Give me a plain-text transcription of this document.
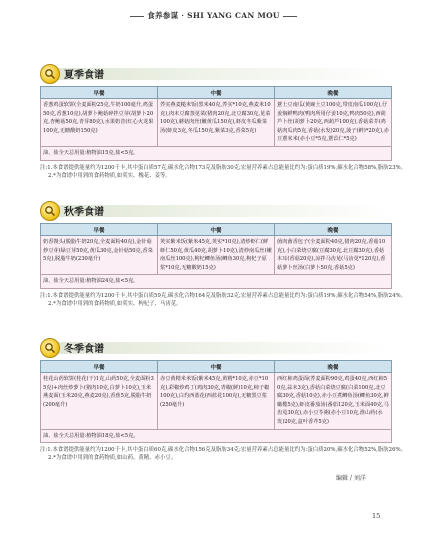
食养参谋 · SHI YANG CAN MOU
夏季食谱
早餐	中餐	晚餐
香葱鸡蛋软饼(全麦面粉25克,牛奶100毫升,鸡蛋50克,香葱10克),胡萝卜鲍菇碎拌豆芽(胡萝卜20克,杏鲍菇50克,青芽80克),水果奶昔(红心火龙果100克,无糖酸奶150克)	荞实燕麦糙米饭(黑米40克,荞实*10克,燕麦米10克),肉末豆腐蒸苋菜(猪肉20克,北豆腐30克,苋菜100克),蘑菇肉丝(嫩黄瓜150克),虾皮冬瓜紫菜汤(虾皮3克,冬瓜150克,紫菜3克,香菜5克)	薏土豆南瓜(黄豌土豆100克,带皮南瓜100克),仔姜焖鲜鸭肉(鸭肉所用仔姜10克,鸭肉50克),西葫芦卜丝(胡萝卜20克,西葫芦100克),香菇菜芥(鸡菇肉瓜肉5克,香菇(水发)20克,菠子(鲜)*20克),赤豆薏米米(赤小豆*5克,薏苡仁*5克)
油、盐全天总用量:植物油15克,盐<5克。		
注:1.本食谱提供能量约为1200千卡,其中蛋白质57克,碳水化合物173克及脂肪30克;宏量营养素占总能量比约为:蛋白质19%,碳水化合物58%,脂肪23%。
2.*为食谱中用到的食药物质,如荚实、槐花、姜等。
秋季食谱
早餐	中餐	晚餐
奶香馒头(脱脂牛奶20克,全麦面粉40克),金针菇炒豆芽(绿豆芽50克,黄瓜30克,金针菇50克,香菜5克),脱脂牛奶(230毫升)	荚实紫米饭(紫米45克,荚实*10克),清炒虾仁(鲜虾仁50克,黄瓜40克,胡萝卜10克),清炒南瓜丝(嫩南瓜丝100克),枸杞鲫鱼汤(鲫鱼30克,枸杞子原浆*10克,无糖酸奶15克)	菌肉菌香包子(全麦面粉40克,猪肉20克,香菇10克),小白菜烧豆腐(豆腐30克,北豆腐30克),香菇木耳(香菇20克),凉拌马齿苋(马齿苋*120克),香菇萝卜丝汤(白萝卜50克,香菇5克)
油、盐全天总用量:植物油24克,盐<5克。		
注:1.本食谱提供能量约为1200千卡,其中蛋白质59克,碳水化合物164克及脂肪32克;宏量营养素占总能量比约为:蛋白质19%,碳水化合物54%,脂肪24%。
2.*为食谱中用到的食药物质,如荚实、枸杞子、马齿苋。
冬季食谱
早餐	中餐	晚餐
桂花山药软饼(桂花(干)1克,山药50克,全麦面粉35克)+肉丝炒萝卜(猪肉10克,白萝卜10克),玉米燕麦面(玉米20克,燕麦20克),香蕉5克,脱脂牛奶(200毫升)	赤豆黄精米米饭(紫米45克,黄精*10克,赤豆*10克),彩椒炒鸡丁(鸡肉30克,青椒(鲜)10克,柿子椒100克),白灼西蓝花(西蓝花100克),无糖黑豆浆(250毫升)	西红柿鸡蛋面(荞麦面粉90克,鸡蛋40克,西红柿50克,蒜末3克),香菇白菜烧豆腐(白菜100克,北豆腐30克,香菇10克),赤小豆煮鲫鱼汤(鲫鱼30克,鲜橄榄5克),虾皮番茄汤(番茄120克,玉米面40克,马齿苋30克),赤小豆苓粥(赤小豆10克,淮山药(水发)20克,盒叶香芹5克)
油、盐全天总用量:植物油18克,盐<5克。		
注:1.本食谱提供能量约为1200千卡,其中蛋白质60克,碳水化合物156克及脂肪34克;宏量营养素占总能量比约为:蛋白质20%,碳水化合物52%,脂肪26%。
2.*为食谱中用到的食药物质,如山药、黄精、赤小豆。
编辑 / 刘洋
15
